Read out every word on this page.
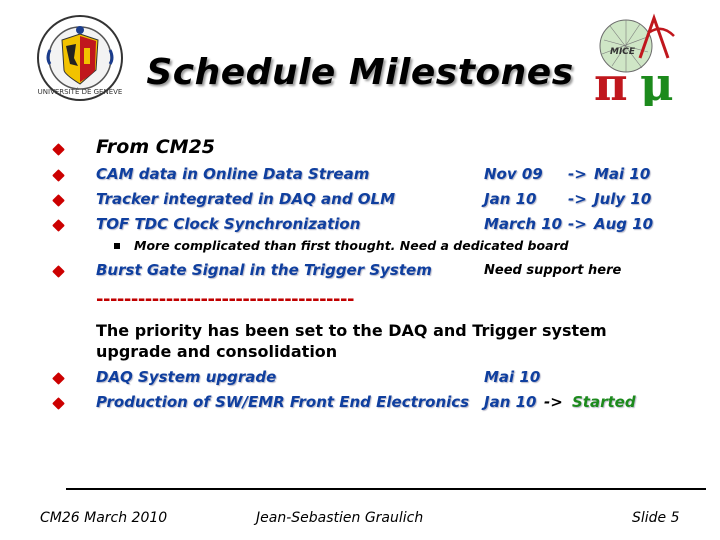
UNIVERSITÉ DE GENÈVE	π μ
MICE
Schedule Milestones
From CM25
CAM data in Online Data Stream	Nov 09 -> Mai 10
Tracker integrated in DAQ and OLM	Jan 10 -> July 10
TOF TDC Clock Synchronization	March 10 -> Aug 10
More complicated than first thought. Need a dedicated board
Burst Gate Signal in the Trigger System	Need support here
-------------------------------------
The priority has been set to the DAQ and Trigger system upgrade and consolidation
DAQ System upgrade	Mai 10
Production of SW/EMR Front End Electronics Jan 10 -> Started
CM26 March 2010	Jean-Sebastien Graulich	Slide 5
